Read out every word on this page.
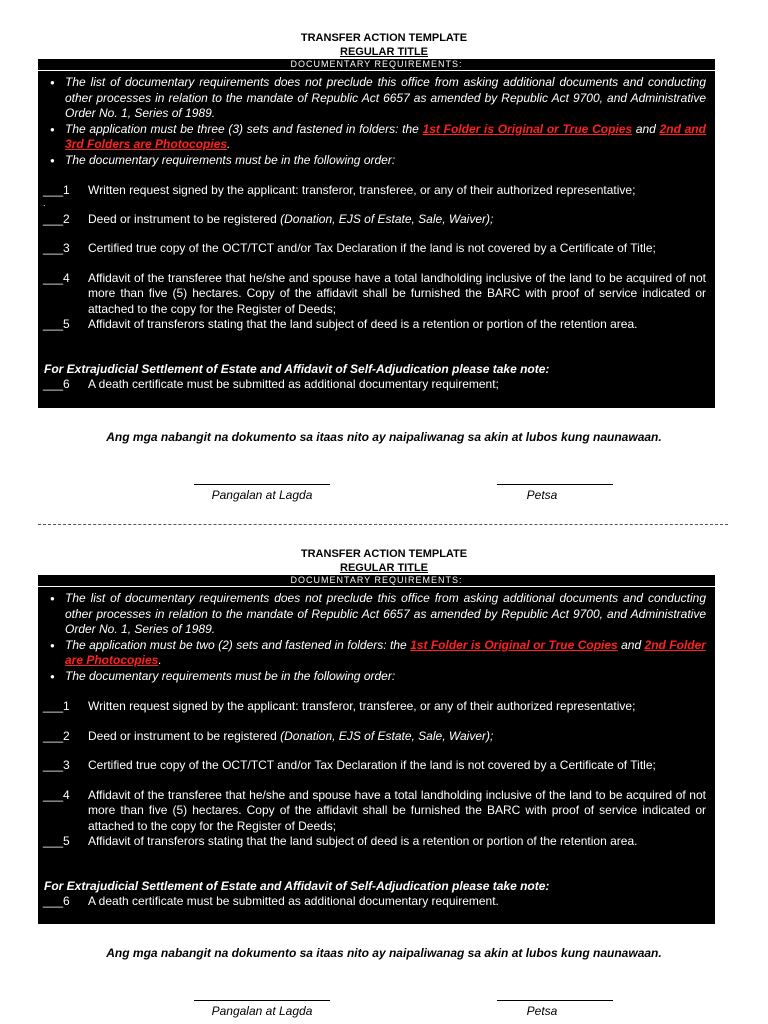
TRANSFER ACTION TEMPLATE
REGULAR TITLE
DOCUMENTARY REQUIREMENTS:
● The list of documentary requirements does not preclude this office from asking additional documents and conducting other processes in relation to the mandate of Republic Act 6657 as amended by Republic Act 9700, and Administrative Order No. 1, Series of 1989.
● The application must be three (3) sets and fastened in folders: the 1st Folder is Original or True Copies and 2nd and 3rd Folders are Photocopies.
● The documentary requirements must be in the following order:
___1 Written request signed by the applicant: transferor, transferee, or any of their authorized representative;
.
___2 Deed or instrument to be registered (Donation, EJS of Estate, Sale, Waiver);
___3 Certified true copy of the OCT/TCT and/or Tax Declaration if the land is not covered by a Certificate of Title;
___4 Affidavit of the transferee that he/she and spouse have a total landholding inclusive of the land to be acquired of not more than five (5) hectares. Copy of the affidavit shall be furnished the BARC with proof of service indicated or attached to the copy for the Register of Deeds;
___5 Affidavit of transferors stating that the land subject of deed is a retention or portion of the retention area.
For Extrajudicial Settlement of Estate and Affidavit of Self-Adjudication please take note:
___6 A death certificate must be submitted as additional documentary requirement;
Ang mga nabangit na dokumento sa itaas nito ay naipaliwanag sa akin at lubos kung naunawaan.
Pangalan at Lagda	Petsa
TRANSFER ACTION TEMPLATE
REGULAR TITLE
DOCUMENTARY REQUIREMENTS:
● The list of documentary requirements does not preclude this office from asking additional documents and conducting other processes in relation to the mandate of Republic Act 6657 as amended by Republic Act 9700, and Administrative Order No. 1, Series of 1989.
● The application must be two (2) sets and fastened in folders: the 1st Folder is Original or True Copies and 2nd Folder are Photocopies.
● The documentary requirements must be in the following order:
___1 Written request signed by the applicant: transferor, transferee, or any of their authorized representative;
___2 Deed or instrument to be registered (Donation, EJS of Estate, Sale, Waiver);
___3 Certified true copy of the OCT/TCT and/or Tax Declaration if the land is not covered by a Certificate of Title;
___4 Affidavit of the transferee that he/she and spouse have a total landholding inclusive of the land to be acquired of not more than five (5) hectares. Copy of the affidavit shall be furnished the BARC with proof of service indicated or attached to the copy for the Register of Deeds;
___5 Affidavit of transferors stating that the land subject of deed is a retention or portion of the retention area.
For Extrajudicial Settlement of Estate and Affidavit of Self-Adjudication please take note:
___6 A death certificate must be submitted as additional documentary requirement.
Ang mga nabangit na dokumento sa itaas nito ay naipaliwanag sa akin at lubos kung naunawaan.
Pangalan at Lagda	Petsa
